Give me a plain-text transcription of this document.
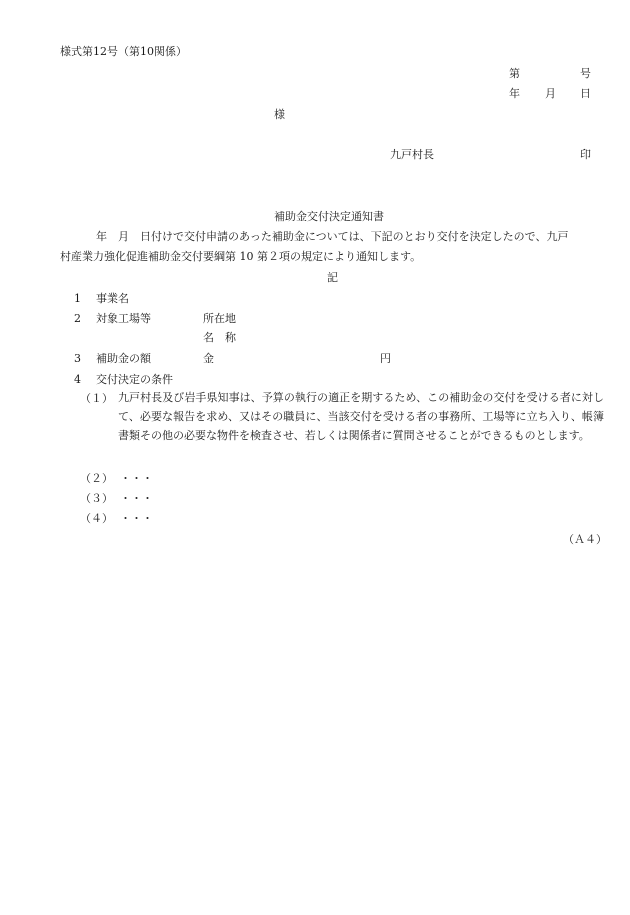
様式第12号（第10関係）
第	号
年 月 日
様
九戸村長	印
補助金交付決定通知書
年　月　日付けで交付申請のあった補助金については、下記のとおり交付を決定したので、九戸
村産業力強化促進補助金交付要綱第 10 第２項の規定により通知します。
記
1 事業名
2 対象工場等	所在地
名　称
3 補助金の額	金	円
4 交付決定の条件
（１） 九戸村長及び岩手県知事は、予算の執行の適正を期するため、この補助金の交付を受ける者に対して、必要な報告を求め、又はその職員に、当該交付を受ける者の事務所、工場等に立ち入り、帳簿書類その他の必要な物件を検査させ、若しくは関係者に質問させることができるものとします。
（２） ・・・
（３） ・・・
（４） ・・・
（Ａ４）
